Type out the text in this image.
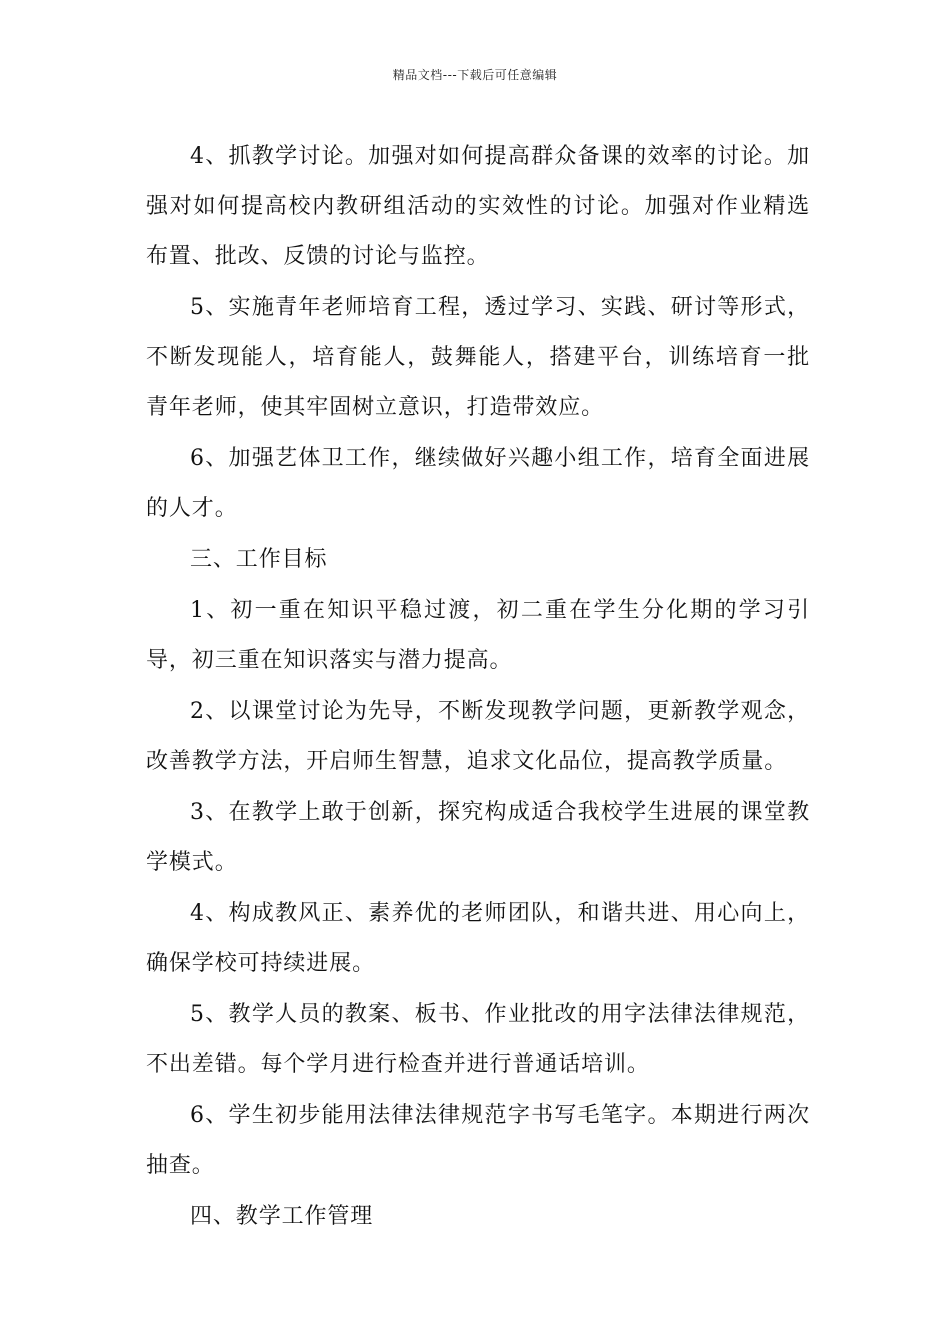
精品文档---下载后可任意编辑

4、抓教学讨论。加强对如何提高群众备课的效率的讨论。加强对如何提高校内教研组活动的实效性的讨论。加强对作业精选布置、批改、反馈的讨论与监控。

5、实施青年老师培育工程，透过学习、实践、研讨等形式，不断发现能人，培育能人，鼓舞能人，搭建平台，训练培育一批青年老师，使其牢固树立意识，打造带效应。

6、加强艺体卫工作，继续做好兴趣小组工作，培育全面进展的人才。

三、工作目标

1、初一重在知识平稳过渡，初二重在学生分化期的学习引导，初三重在知识落实与潜力提高。

2、以课堂讨论为先导，不断发现教学问题，更新教学观念，改善教学方法，开启师生智慧，追求文化品位，提高教学质量。

3、在教学上敢于创新，探究构成适合我校学生进展的课堂教学模式。

4、构成教风正、素养优的老师团队，和谐共进、用心向上，确保学校可持续进展。

5、教学人员的教案、板书、作业批改的用字法律法律规范，不出差错。每个学月进行检查并进行普通话培训。

6、学生初步能用法律法律规范字书写毛笔字。本期进行两次抽查。

四、教学工作管理
